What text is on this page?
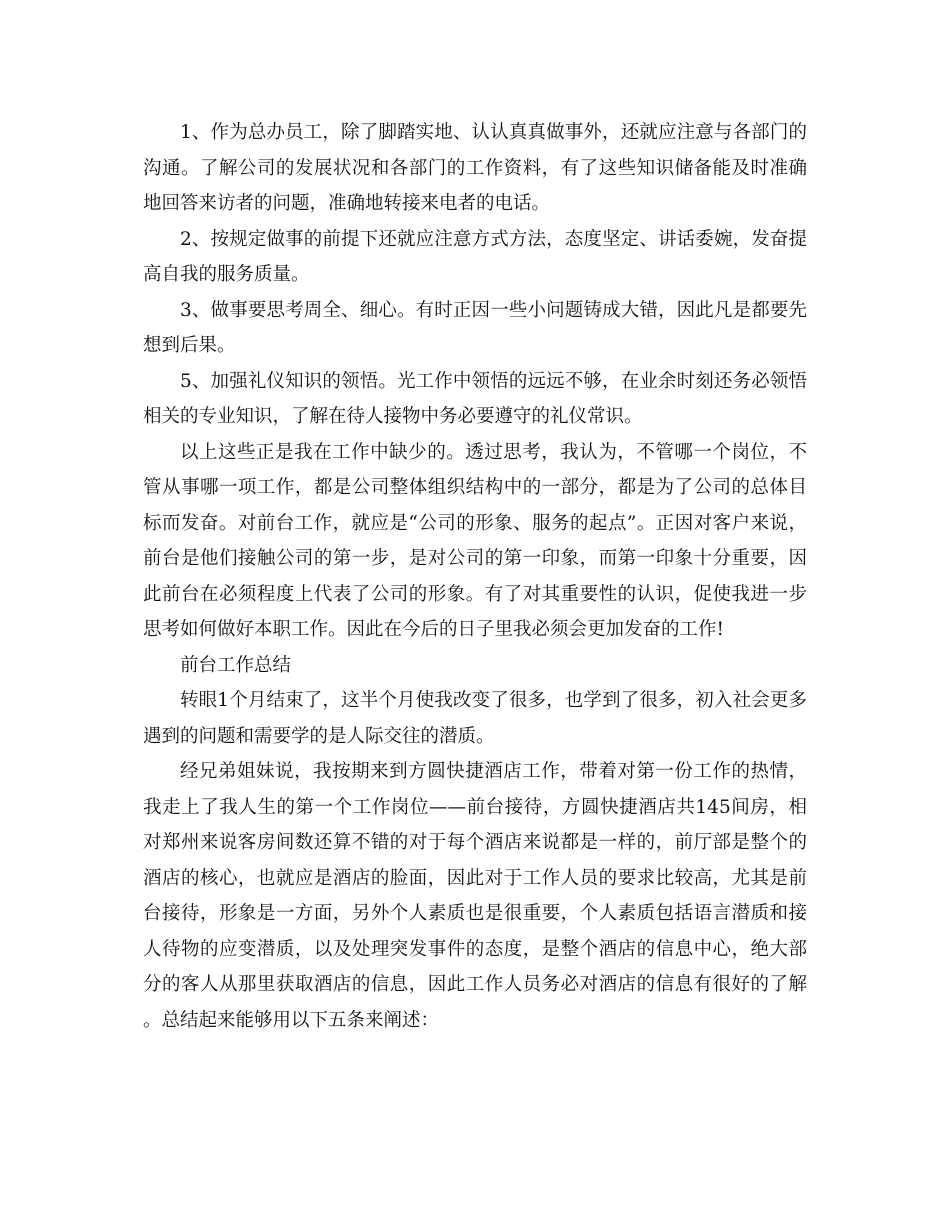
1、作为总办员工，除了脚踏实地、认认真真做事外，还就应注意与各部门的沟通。了解公司的发展状况和各部门的工作资料，有了这些知识储备能及时准确地回答来访者的问题，准确地转接来电者的电话。

2、按规定做事的前提下还就应注意方式方法，态度坚定、讲话委婉，发奋提高自我的服务质量。

3、做事要思考周全、细心。有时正因一些小问题铸成大错，因此凡是都要先想到后果。

5、加强礼仪知识的领悟。光工作中领悟的远远不够，在业余时刻还务必领悟相关的专业知识，了解在待人接物中务必要遵守的礼仪常识。

以上这些正是我在工作中缺少的。透过思考，我认为，不管哪一个岗位，不管从事哪一项工作，都是公司整体组织结构中的一部分，都是为了公司的总体目标而发奋。对前台工作，就应是“公司的形象、服务的起点”。正因对客户来说，前台是他们接触公司的第一步，是对公司的第一印象，而第一印象十分重要，因此前台在必须程度上代表了公司的形象。有了对其重要性的认识，促使我进一步思考如何做好本职工作。因此在今后的日子里我必须会更加发奋的工作!

前台工作总结

转眼1个月结束了，这半个月使我改变了很多，也学到了很多，初入社会更多遇到的问题和需要学的是人际交往的潜质。

经兄弟姐妹说，我按期来到方圆快捷酒店工作，带着对第一份工作的热情，我走上了我人生的第一个工作岗位——前台接待，方圆快捷酒店共145间房，相对郑州来说客房间数还算不错的对于每个酒店来说都是一样的，前厅部是整个的酒店的核心，也就应是酒店的脸面，因此对于工作人员的要求比较高，尤其是前台接待，形象是一方面，另外个人素质也是很重要，个人素质包括语言潜质和接人待物的应变潜质，以及处理突发事件的态度，是整个酒店的信息中心，绝大部分的客人从那里获取酒店的信息，因此工作人员务必对酒店的信息有很好的了解。总结起来能够用以下五条来阐述：
